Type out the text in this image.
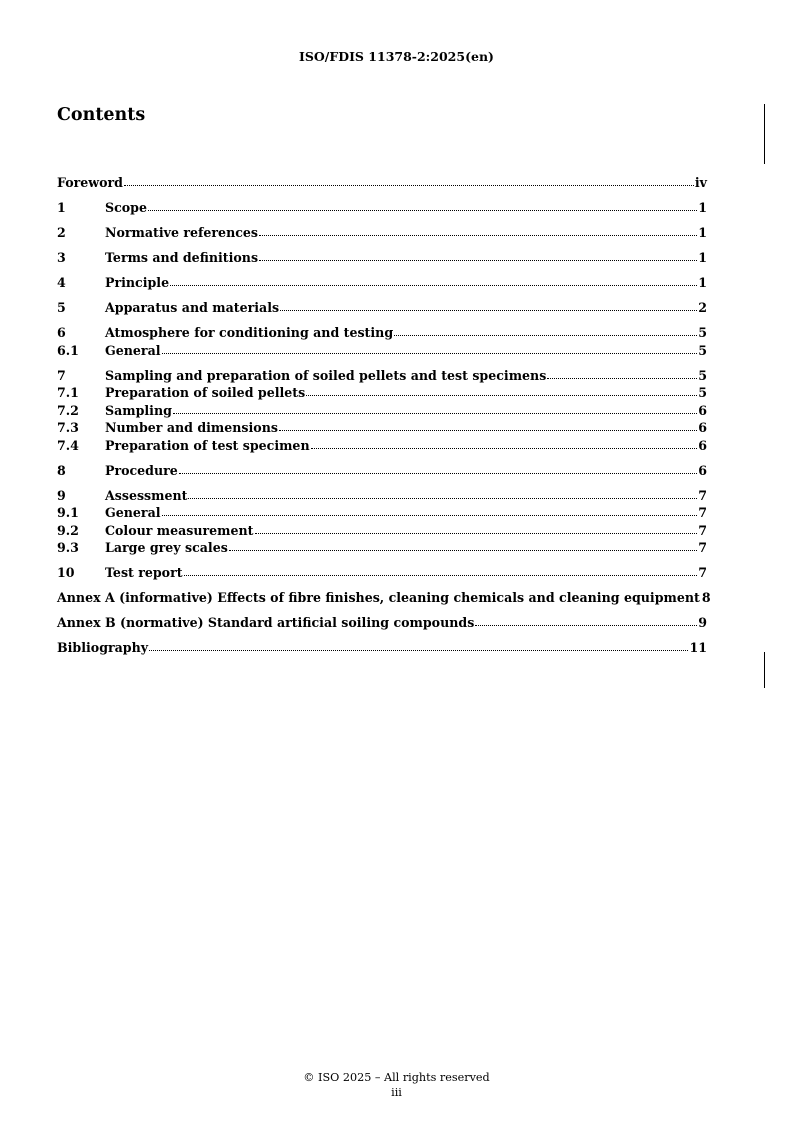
ISO/FDIS 11378-2:2025(en)
Contents
Foreword	iv
1	Scope	1
2	Normative references	1
3	Terms and definitions	1
4	Principle	1
5	Apparatus and materials	2
6	Atmosphere for conditioning and testing	5
6.1	General	5
7	Sampling and preparation of soiled pellets and test specimens	5
7.1	Preparation of soiled pellets	5
7.2	Sampling	6
7.3	Number and dimensions	6
7.4	Preparation of test specimen	6
8	Procedure	6
9	Assessment	7
9.1	General	7
9.2	Colour measurement	7
9.3	Large grey scales	7
10	Test report	7
Annex A (informative) Effects of fibre finishes, cleaning chemicals and cleaning equipment 8
Annex B (normative) Standard artificial soiling compounds	9
Bibliography	11
© ISO 2025 – All rights reserved
iii
